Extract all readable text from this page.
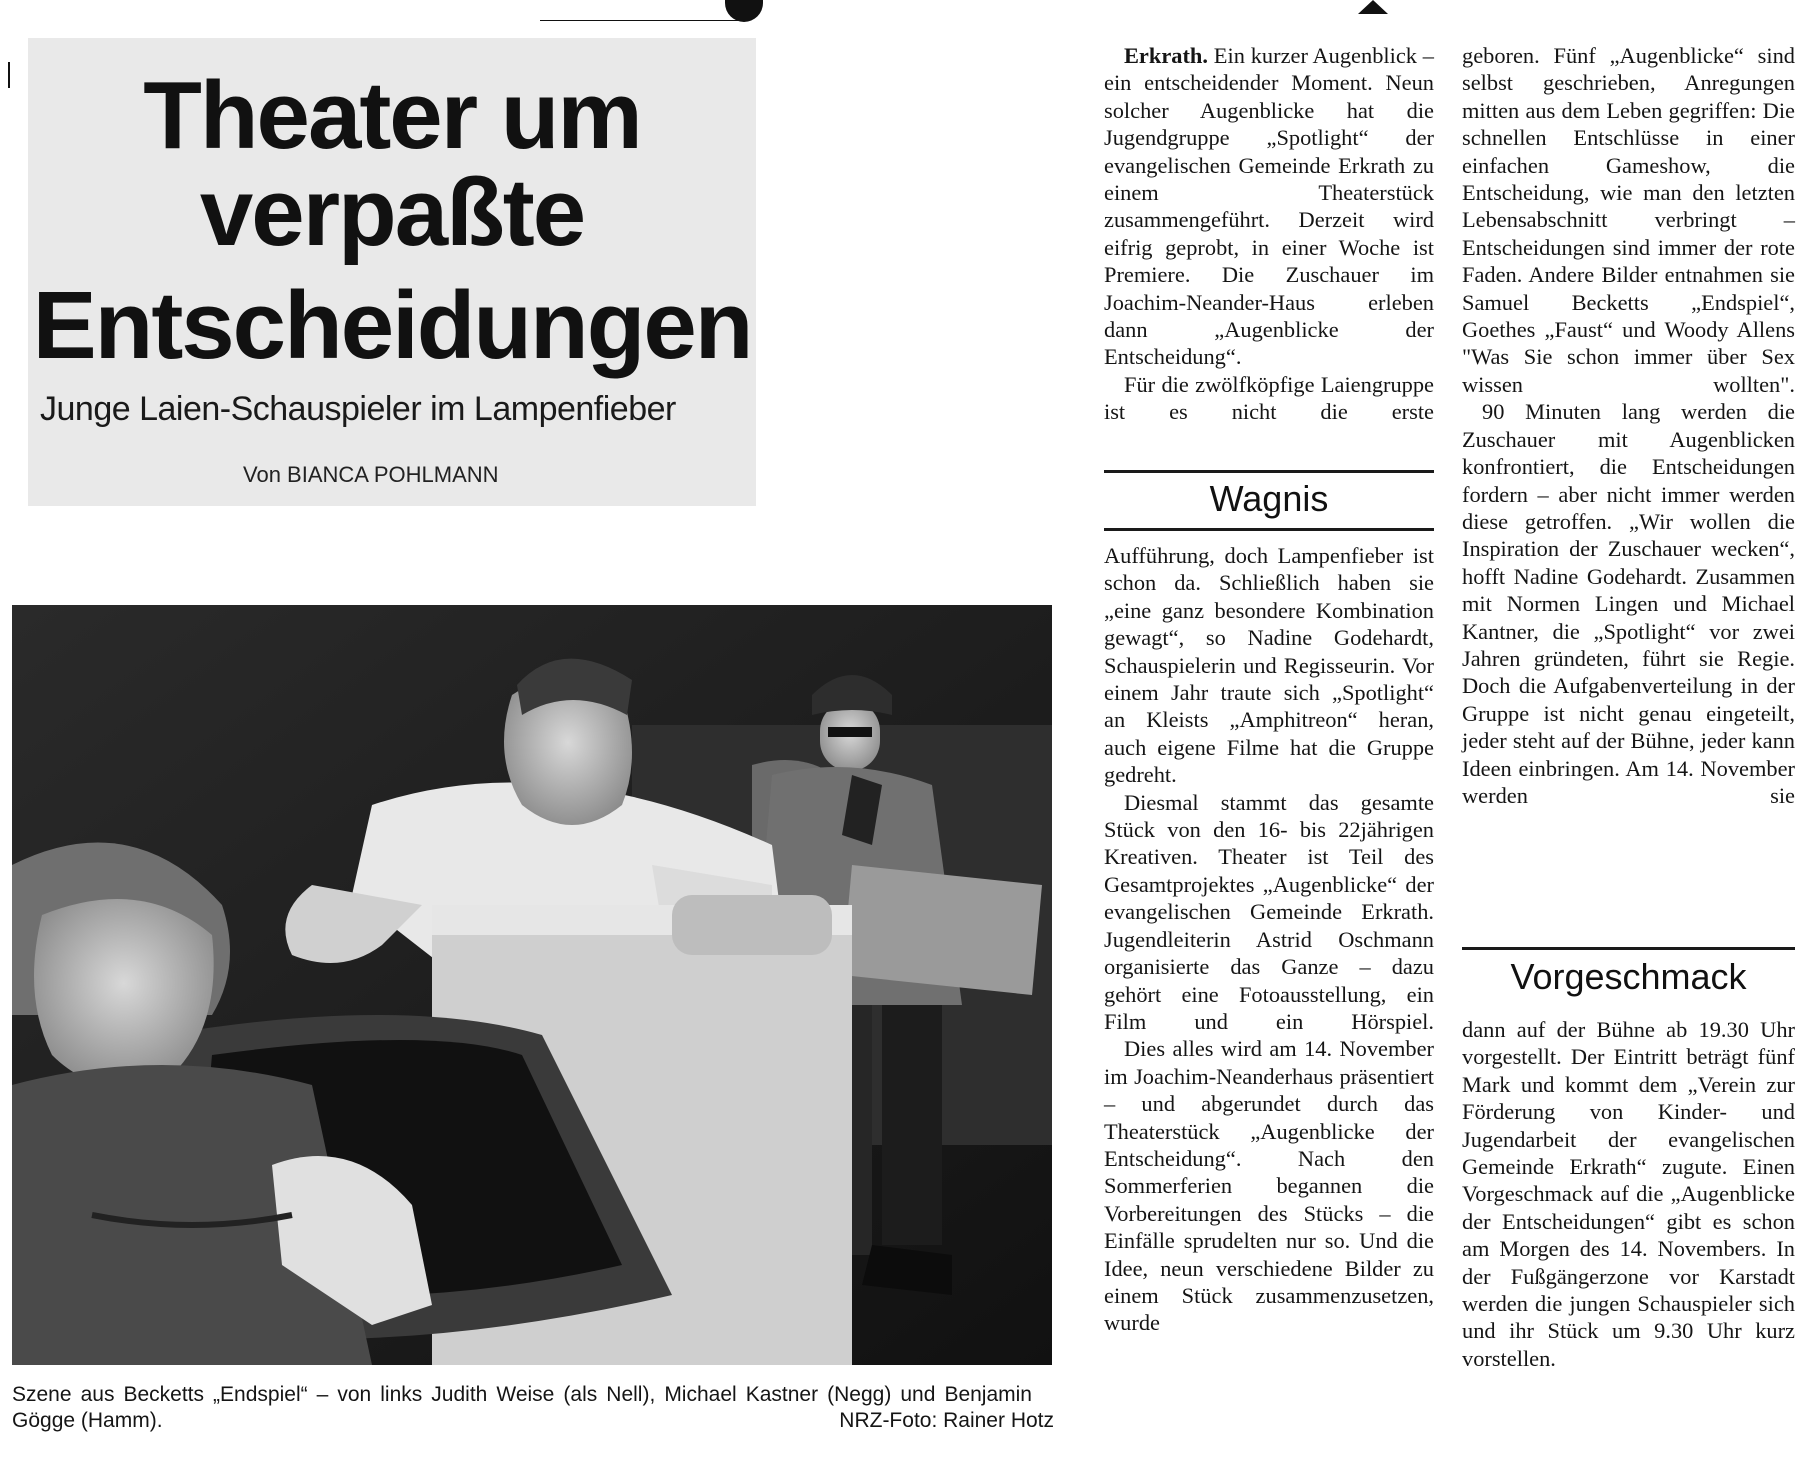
Theater um
verpaßte
Entscheidungen
Junge Laien-Schauspieler im Lampenfieber
Von BIANCA POHLMANN
Szene aus Becketts „Endspiel“ – von links Judith Weise (als Nell), Michael Kastner (Negg) und Benjamin Gögge (Hamm).	NRZ-Foto: Rainer Hotz

Erkrath. Ein kurzer Augenblick – ein entscheidender Moment. Neun solcher Augenblicke hat die Jugendgruppe „Spotlight“ der evangelischen Gemeinde Erkrath zu einem Theaterstück zusammengeführt. Derzeit wird eifrig geprobt, in einer Woche ist Premiere. Die Zuschauer im Joachim-Neander-Haus erleben dann „Augenblicke der Entscheidung“.

Für die zwölfköpfige Laiengruppe ist es nicht die erste

Wagnis

Aufführung, doch Lampenfieber ist schon da. Schließlich haben sie „eine ganz besondere Kombination gewagt“, so Nadine Godehardt, Schauspielerin und Regisseurin. Vor einem Jahr traute sich „Spotlight“ an Kleists „Amphitreon“ heran, auch eigene Filme hat die Gruppe gedreht.

Diesmal stammt das gesamte Stück von den 16- bis 22jährigen Kreativen. Theater ist Teil des Gesamtprojektes „Augenblicke“ der evangelischen Gemeinde Erkrath. Jugendleiterin Astrid Oschmann organisierte das Ganze – dazu gehört eine Fotoausstellung, ein Film und ein Hörspiel.

Dies alles wird am 14. November im Joachim-Neanderhaus präsentiert – und abgerundet durch das Theaterstück „Augenblicke der Entscheidung“. Nach den Sommerferien begannen die Vorbereitungen des Stücks – die Einfälle sprudelten nur so. Und die Idee, neun verschiedene Bilder zu einem Stück zusammenzusetzen, wurde

geboren. Fünf „Augenblicke“ sind selbst geschrieben, Anregungen mitten aus dem Leben gegriffen: Die schnellen Entschlüsse in einer einfachen Gameshow, die Entscheidung, wie man den letzten Lebensabschnitt verbringt – Entscheidungen sind immer der rote Faden. Andere Bilder entnahmen sie Samuel Becketts „Endspiel“, Goethes „Faust“ und Woody Allens "Was Sie schon immer über Sex wissen wollten".

90 Minuten lang werden die Zuschauer mit Augenblicken konfrontiert, die Entscheidungen fordern – aber nicht immer werden diese getroffen. „Wir wollen die Inspiration der Zuschauer wecken“, hofft Nadine Godehardt. Zusammen mit Normen Lingen und Michael Kantner, die „Spotlight“ vor zwei Jahren gründeten, führt sie Regie. Doch die Aufgabenverteilung in der Gruppe ist nicht genau eingeteilt, jeder steht auf der Bühne, jeder kann Ideen einbringen. Am 14. November werden sie

Vorgeschmack

dann auf der Bühne ab 19.30 Uhr vorgestellt. Der Eintritt beträgt fünf Mark und kommt dem „Verein zur Förderung von Kinder- und Jugendarbeit der evangelischen Gemeinde Erkrath“ zugute. Einen Vorgeschmack auf die „Augenblicke der Entscheidungen“ gibt es schon am Morgen des 14. Novembers. In der Fußgängerzone vor Karstadt werden die jungen Schauspieler sich und ihr Stück um 9.30 Uhr kurz vorstellen.
